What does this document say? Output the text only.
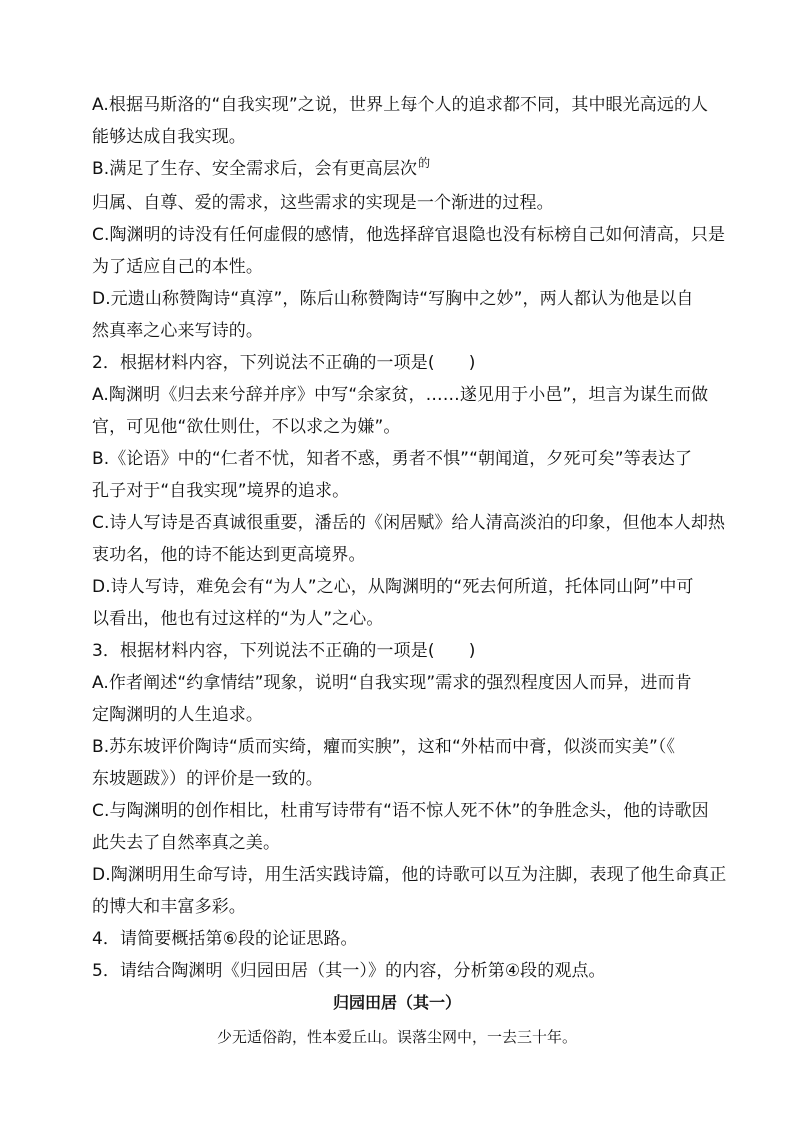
A.根据马斯洛的“自我实现”之说，世界上每个人的追求都不同，其中眼光高远的人
能够达成自我实现。
B.满足了生存、安全需求后，会有更高层次$^的$
归属、自尊、爱的需求，这些需求的实现是一个渐进的过程。
C.陶渊明的诗没有任何虚假的感情，他选择辞官退隐也没有标榜自己如何清高，只是
为了适应自己的本性。
D.元遗山称赞陶诗“真淳”，陈后山称赞陶诗“写胸中之妙”，两人都认为他是以自
然真率之心来写诗的。
2．根据材料内容，下列说法不正确的一项是(　　)
A.陶渊明《归去来兮辞并序》中写“余家贫，……遂见用于小邑”，坦言为谋生而做
官，可见他“欲仕则仕，不以求之为嫌”。
B.《论语》中的“仁者不忧，知者不惑，勇者不惧”“朝闻道，夕死可矣”等表达了
孔子对于“自我实现”境界的追求。
C.诗人写诗是否真诚很重要，潘岳的《闲居赋》给人清高淡泊的印象，但他本人却热
衷功名，他的诗不能达到更高境界。
D.诗人写诗，难免会有“为人”之心，从陶渊明的“死去何所道，托体同山阿”中可
以看出，他也有过这样的“为人”之心。
3．根据材料内容，下列说法不正确的一项是(　　)
A.作者阐述“约拿情结”现象，说明“自我实现”需求的强烈程度因人而异，进而肯
定陶渊明的人生追求。
B.苏东坡评价陶诗“质而实绮，癯而实腴”，这和“外枯而中膏，似淡而实美”（《
东坡题跋》）的评价是一致的。
C.与陶渊明的创作相比，杜甫写诗带有“语不惊人死不休”的争胜念头，他的诗歌因
此失去了自然率真之美。
D.陶渊明用生命写诗，用生活实践诗篇，他的诗歌可以互为注脚，表现了他生命真正
的博大和丰富多彩。
4．请简要概括第⑥段的论证思路。
5．请结合陶渊明《归园田居（其一）》的内容，分析第④段的观点。
归园田居（其一）
少无适俗韵，性本爱丘山。误落尘网中，一去三十年。
